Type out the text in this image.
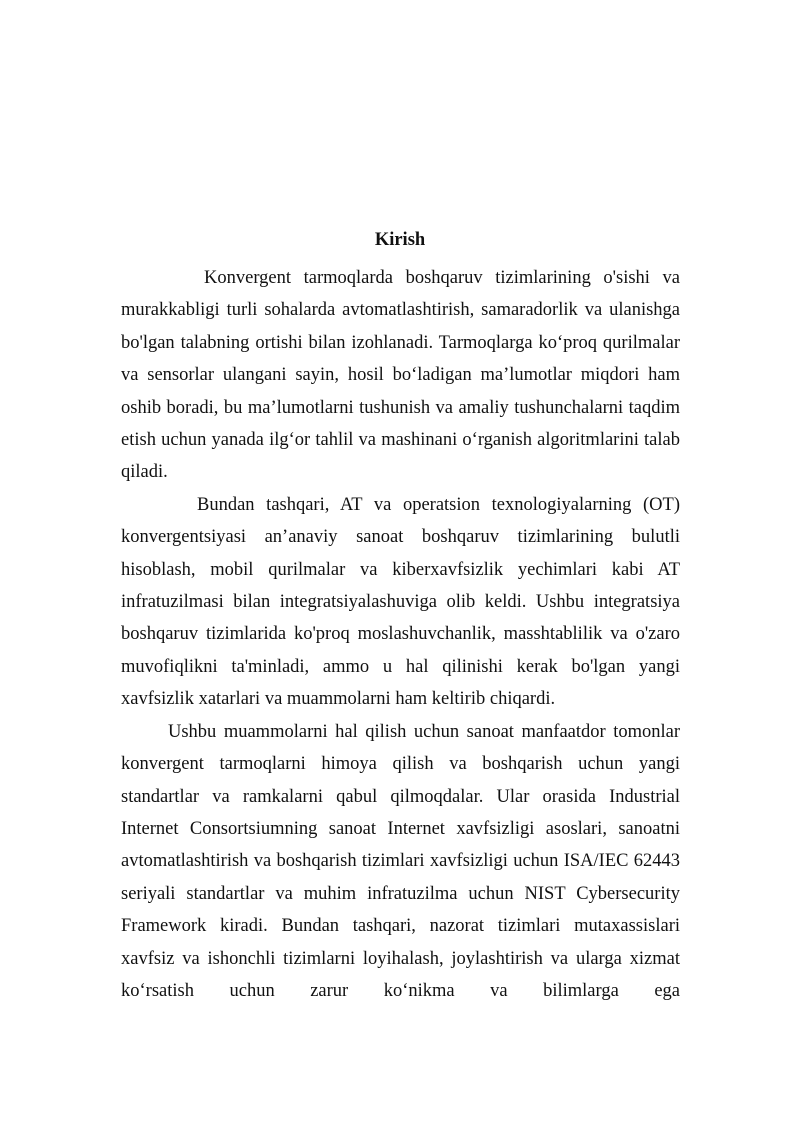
Kirish

Konvergent tarmoqlarda boshqaruv tizimlarining o'sishi va murakkabligi turli sohalarda avtomatlashtirish, samaradorlik va ulanishga bo'lgan talabning ortishi bilan izohlanadi. Tarmoqlarga ko‘proq qurilmalar va sensorlar ulangani sayin, hosil bo‘ladigan ma’lumotlar miqdori ham oshib boradi, bu ma’lumotlarni tushunish va amaliy tushunchalarni taqdim etish uchun yanada ilg‘or tahlil va mashinani o‘rganish algoritmlarini talab qiladi.

Bundan tashqari, AT va operatsion texnologiyalarning (OT) konvergentsiyasi an’anaviy sanoat boshqaruv tizimlarining bulutli hisoblash, mobil qurilmalar va kiberxavfsizlik yechimlari kabi AT infratuzilmasi bilan integratsiyalashuviga olib keldi. Ushbu integratsiya boshqaruv tizimlarida ko'proq moslashuvchanlik, masshtablilik va o'zaro muvofiqlikni ta'minladi, ammo u hal qilinishi kerak bo'lgan yangi xavfsizlik xatarlari va muammolarni ham keltirib chiqardi.

Ushbu muammolarni hal qilish uchun sanoat manfaatdor tomonlar konvergent tarmoqlarni himoya qilish va boshqarish uchun yangi standartlar va ramkalarni qabul qilmoqdalar. Ular orasida Industrial Internet Consortsiumning sanoat Internet xavfsizligi asoslari, sanoatni avtomatlashtirish va boshqarish tizimlari xavfsizligi uchun ISA/IEC 62443 seriyali standartlar va muhim infratuzilma uchun NIST Cybersecurity Framework kiradi. Bundan tashqari, nazorat tizimlari mutaxassislari xavfsiz va ishonchli tizimlarni loyihalash, joylashtirish va ularga xizmat ko‘rsatish uchun zarur ko‘nikma va bilimlarga ega
